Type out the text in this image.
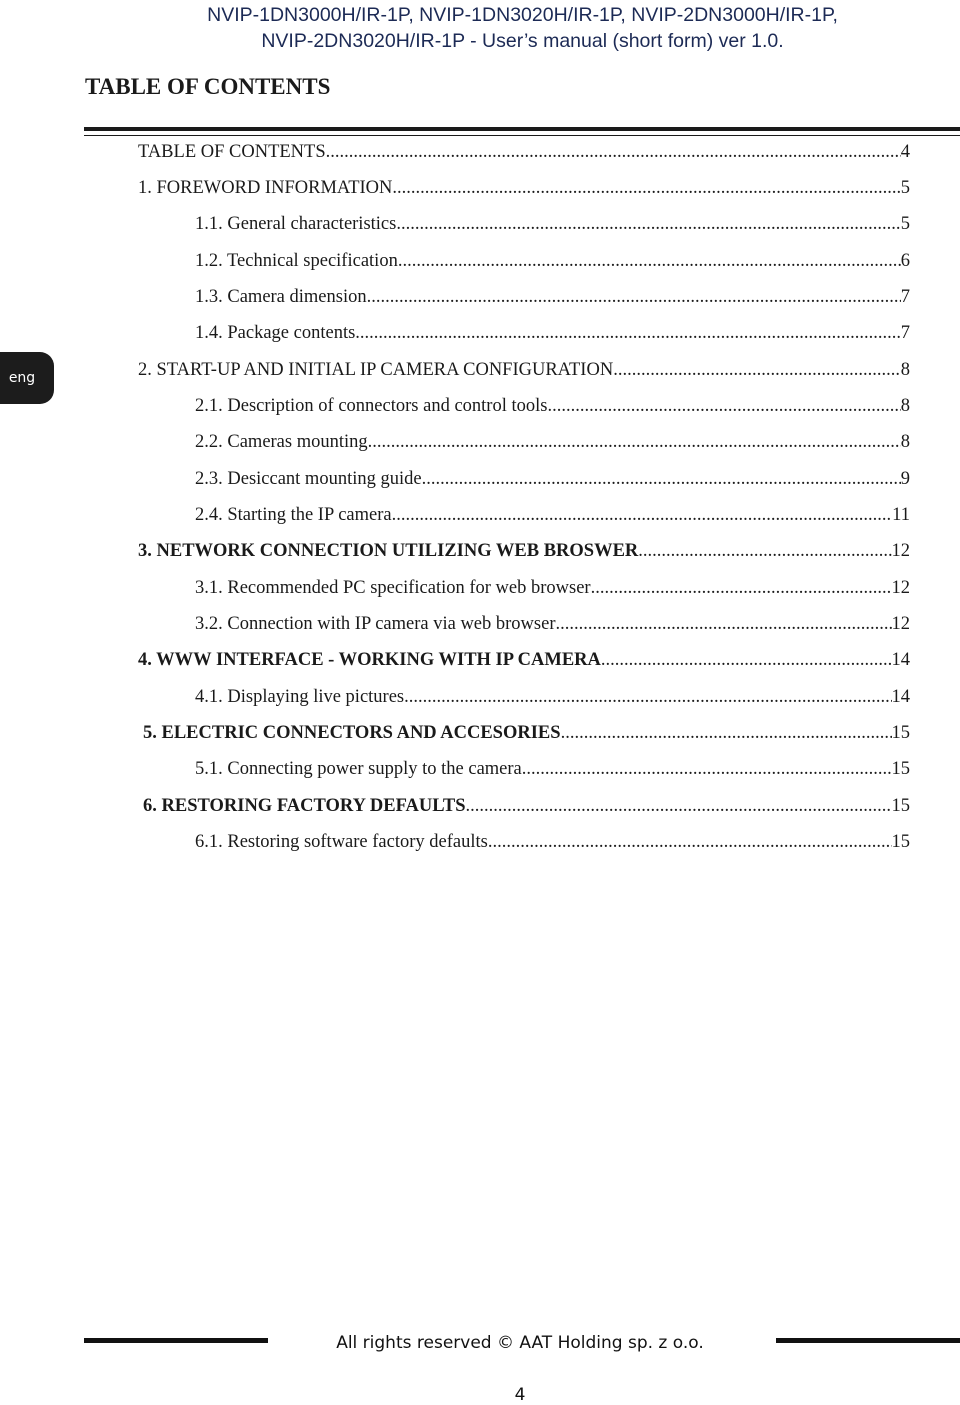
NVIP-1DN3000H/IR-1P, NVIP-1DN3020H/IR-1P, NVIP-2DN3000H/IR-1P,
NVIP-2DN3020H/IR-1P - User’s manual (short form) ver 1.0.
TABLE OF CONTENTS
eng
TABLE OF CONTENTS .....	4
1. FOREWORD INFORMATION .....	5
1.1. General characteristics .....	5
1.2. Technical specification .....	6
1.3. Camera dimension .....	7
1.4. Package contents .....	7
2. START-UP AND INITIAL IP CAMERA CONFIGURATION .....	8
2.1. Description of connectors and control tools .....	8
2.2. Cameras mounting .....	8
2.3. Desiccant mounting guide .....	9
2.4. Starting the IP camera .....	11
3. NETWORK CONNECTION UTILIZING WEB BROSWER .....	12
3.1. Recommended PC specification for web browser .....	12
3.2. Connection with IP camera via web browser .....	12
4. WWW INTERFACE - WORKING WITH IP CAMERA .....	14
4.1. Displaying live pictures. .....	14
5. ELECTRIC CONNECTORS AND ACCESORIES .....	15
5.1. Connecting power supply to the camera. .....	15
6. RESTORING FACTORY DEFAULTS .....	15
6.1. Restoring software factory defaults .....	15
All rights reserved © AAT Holding sp. z o.o.
4
